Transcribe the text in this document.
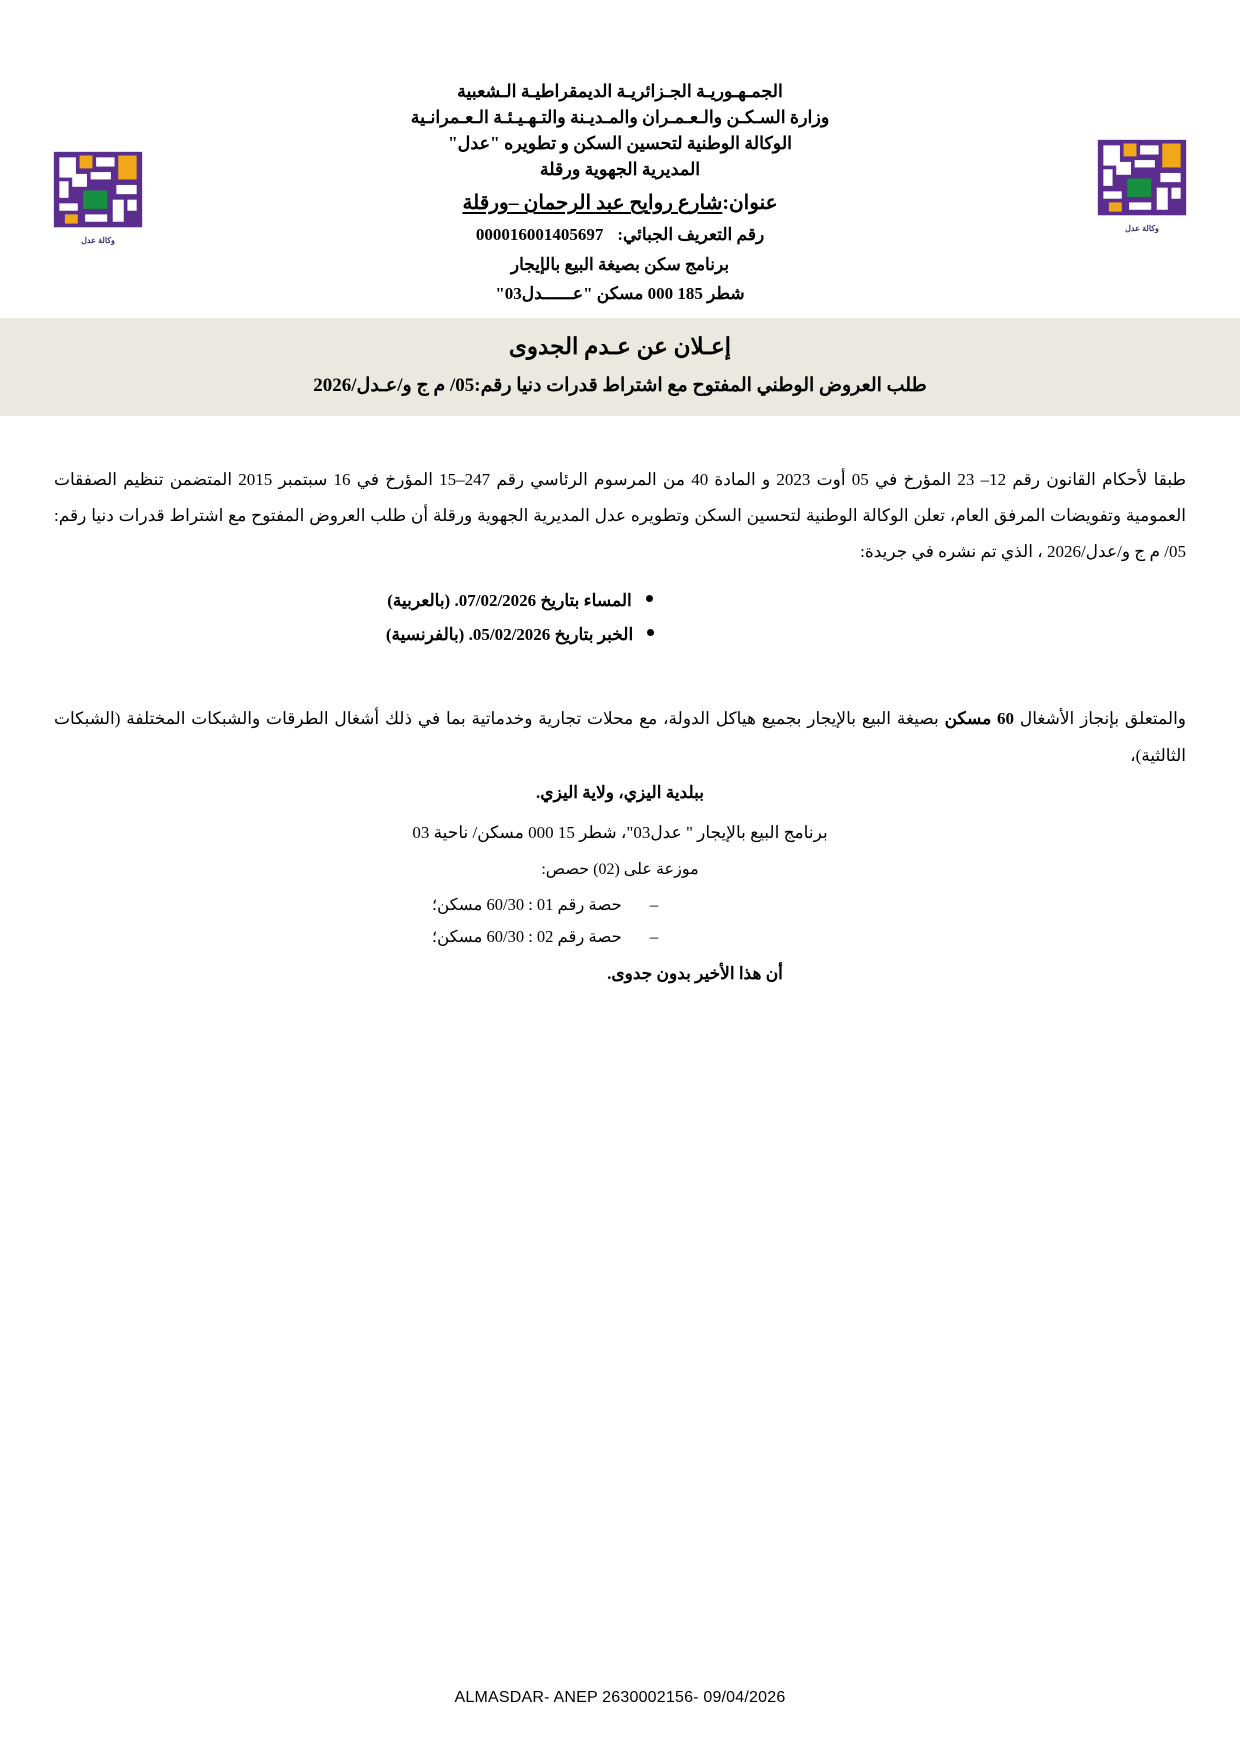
وكالة عدل
وكالة عدل
الجمـهـوريـة الجـزائريـة الديمقراطيـة الـشعبية
وزارة السـكـن والـعـمـران والمـديـنة والتـهـيـئـة الـعـمرانـية
الوكالة الوطنية لتحسين السكن و تطويره "عدل"
المديرية الجهوية ورقلة
عنوان:شارع روايح عبد الرحمان –ورقلة
رقم التعريف الجبائي:000016001405697
برنامج سكن بصيغة البيع بالإيجار
شطر 185 000 مسكن "عــــــدل03"
إعـلان عن عـدم الجدوى
طلب العروض الوطني المفتوح مع اشتراط قدرات دنيا رقم:05/ م ج و/عـدل/2026
طبقا لأحكام القانون رقم 12– 23 المؤرخ في 05 أوت 2023 و المادة 40 من المرسوم الرئاسي رقم 247–15 المؤرخ في 16 سبتمبر 2015 المتضمن تنظيم الصفقات العمومية وتفويضات المرفق العام، تعلن الوكالة الوطنية لتحسين السكن وتطويره عدل المديرية الجهوية ورقلة أن طلب العروض المفتوح مع اشتراط قدرات دنيا رقم: 05/ م ج و/عدل/2026 ، الذي تم نشره في جريدة:
المساء بتاريخ 07/02/2026. (بالعربية)
الخبر بتاريخ 05/02/2026. (بالفرنسية)
والمتعلق بإنجاز الأشغال 60 مسكن بصيغة البيع بالإيجار بجميع هياكل الدولة، مع محلات تجارية وخدماتية بما في ذلك أشغال الطرقات والشبكات المختلفة (الشبكات الثالثية)،
ببلدية اليزي، ولاية اليزي.
برنامج البيع بالإيجار " عدل03"، شطر 15 000 مسكن/ ناحية 03
موزعة على (02) حصص:
–حصة رقم 01 : 60/30 مسكن؛
–حصة رقم 02 : 60/30 مسكن؛
أن هذا الأخير بدون جدوى.
ALMASDAR- ANEP 2630002156- 09/04/2026
